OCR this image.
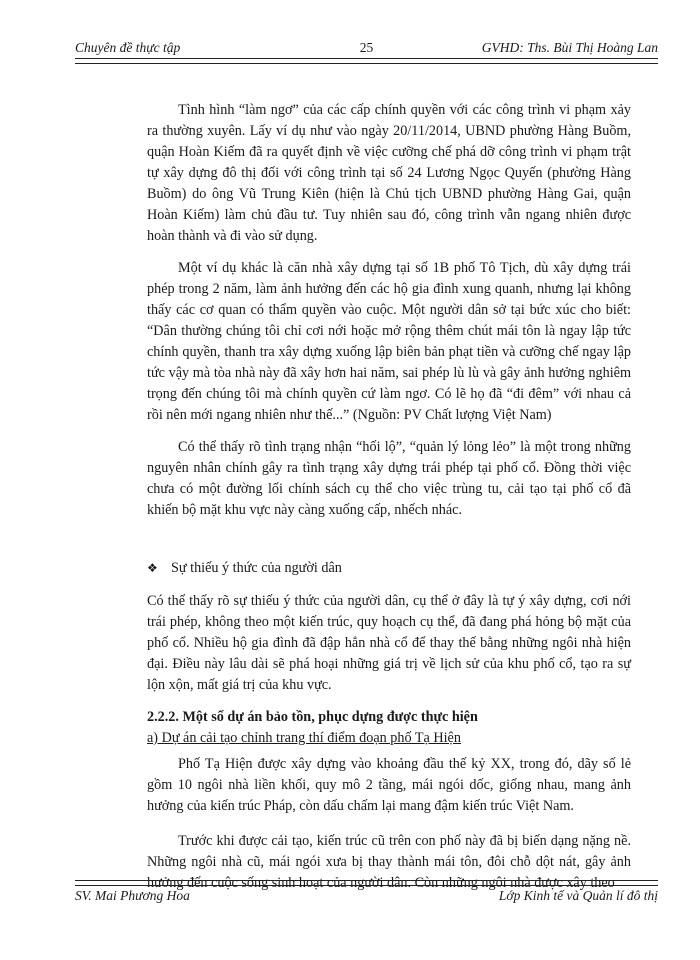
Chuyên đề thực tập	25	GVHD: Ths. Bùi Thị Hoàng Lan

Tình hình “làm ngơ” của các cấp chính quyền với các công trình vi phạm xảy ra thường xuyên. Lấy ví dụ như vào ngày 20/11/2014, UBND phường Hàng Buồm, quận Hoàn Kiếm đã ra quyết định về việc cưỡng chế phá dỡ công trình vi phạm trật tự xây dựng đô thị đối với công trình tại số 24 Lương Ngọc Quyến (phường Hàng Buồm) do ông Vũ Trung Kiên (hiện là Chủ tịch UBND phường Hàng Gai, quận Hoàn Kiếm) làm chủ đầu tư. Tuy nhiên sau đó, công trình vẫn ngang nhiên được hoàn thành và đi vào sử dụng.

Một ví dụ khác là căn nhà xây dựng tại số 1B phố Tô Tịch, dù xây dựng trái phép trong 2 năm, làm ảnh hưởng đến các hộ gia đình xung quanh, nhưng lại không thấy các cơ quan có thẩm quyền vào cuộc. Một người dân sở tại bức xúc cho biết: “Dân thường chúng tôi chỉ cơi nới hoặc mở rộng thêm chút mái tôn là ngay lập tức chính quyền, thanh tra xây dựng xuống lập biên bản phạt tiền và cưỡng chế ngay lập tức vậy mà tòa nhà này đã xây hơn hai năm, sai phép lù lù và gây ảnh hưởng nghiêm trọng đến chúng tôi mà chính quyền cứ làm ngơ. Có lẽ họ đã “đi đêm” với nhau cả rồi nên mới ngang nhiên như thế...” (Nguồn: PV Chất lượng Việt Nam)

Có thể thấy rõ tình trạng nhận “hối lộ”, “quản lý lỏng lẻo” là một trong những nguyên nhân chính gây ra tình trạng xây dựng trái phép tại phố cổ. Đồng thời việc chưa có một đường lối chính sách cụ thể cho việc trùng tu, cải tạo tại phố cổ đã khiến bộ mặt khu vực này càng xuống cấp, nhếch nhác.

❖ Sự thiếu ý thức của người dân

Có thể thấy rõ sự thiếu ý thức của người dân, cụ thể ở đây là tự ý xây dựng, cơi nới trái phép, không theo một kiến trúc, quy hoạch cụ thể, đã đang phá hỏng bộ mặt của phố cổ. Nhiều hộ gia đình đã đập hẳn nhà cổ để thay thế bằng những ngôi nhà hiện đại. Điều này lâu dài sẽ phá hoại những giá trị về lịch sử của khu phố cổ, tạo ra sự lộn xộn, mất giá trị của khu vực.

2.2.2. Một số dự án bảo tồn, phục dựng được thực hiện

a) Dự án cải tạo chỉnh trang thí điểm đoạn phố Tạ Hiện

Phố Tạ Hiện được xây dựng vào khoảng đầu thế kỷ XX, trong đó, dãy số lẻ gồm 10 ngôi nhà liền khối, quy mô 2 tầng, mái ngói dốc, giống nhau, mang ảnh hưởng của kiến trúc Pháp, còn dấu chấm lại mang đậm kiến trúc Việt Nam.

Trước khi được cải tạo, kiến trúc cũ trên con phố này đã bị biến dạng nặng nề. Những ngôi nhà cũ, mái ngói xưa bị thay thành mái tôn, đôi chỗ dột nát, gây ảnh hưởng đến cuộc sống sinh hoạt của người dân. Còn những ngôi nhà được xây theo

SV. Mai Phương Hoa	Lớp Kinh tế và Quản lí đô thị
